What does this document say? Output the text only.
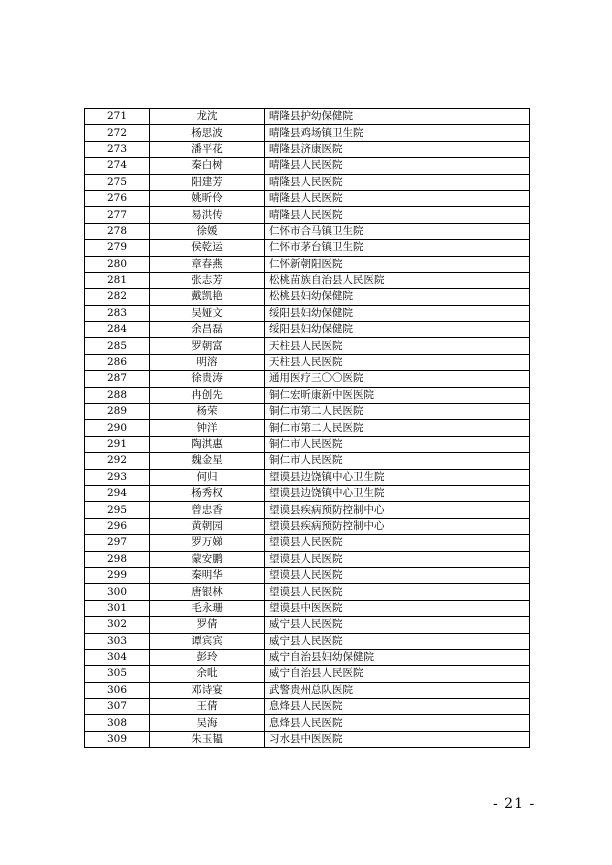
271	龙沈	晴隆县护幼保健院
272	杨思波	晴隆县鸡场镇卫生院
273	潘平花	晴隆县济康医院
274	秦白树	晴隆县人民医院
275	阳建芳	晴隆县人民医院
276	姚昕伶	晴隆县人民医院
277	易洪传	晴隆县人民医院
278	徐媛	仁怀市合马镇卫生院
279	侯乾运	仁怀市茅台镇卫生院
280	章春燕	仁怀新朝阳医院
281	张志芳	松桃苗族自治县人民医院
282	戴凯艳	松桃县妇幼保健院
283	吴娅文	绥阳县妇幼保健院
284	余昌磊	绥阳县妇幼保健院
285	罗朝富	天柱县人民医院
286	明溶	天柱县人民医院
287	徐贵涛	通用医疗三〇〇医院
288	冉创先	铜仁宏昕康新中医医院
289	杨荣	铜仁市第二人民医院
290	钟洋	铜仁市第二人民医院
291	陶淇惠	铜仁市人民医院
292	魏金星	铜仁市人民医院
293	何归	望谟县边饶镇中心卫生院
294	杨秀权	望谟县边饶镇中心卫生院
295	曾忠香	望谟县疾病预防控制中心
296	黄朝园	望谟县疾病预防控制中心
297	罗万娣	望谟县人民医院
298	蒙安鹏	望谟县人民医院
299	秦明华	望谟县人民医院
300	唐银林	望谟县人民医院
301	毛永珊	望谟县中医医院
302	罗倩	威宁县人民医院
303	谭宾宾	威宁县人民医院
304	彭玲	威宁自治县妇幼保健院
305	余吡	威宁自治县人民医院
306	邓诗宴	武警贵州总队医院
307	王倩	息烽县人民医院
308	吴海	息烽县人民医院
309	朱玉韫	习水县中医医院
- 21 -
